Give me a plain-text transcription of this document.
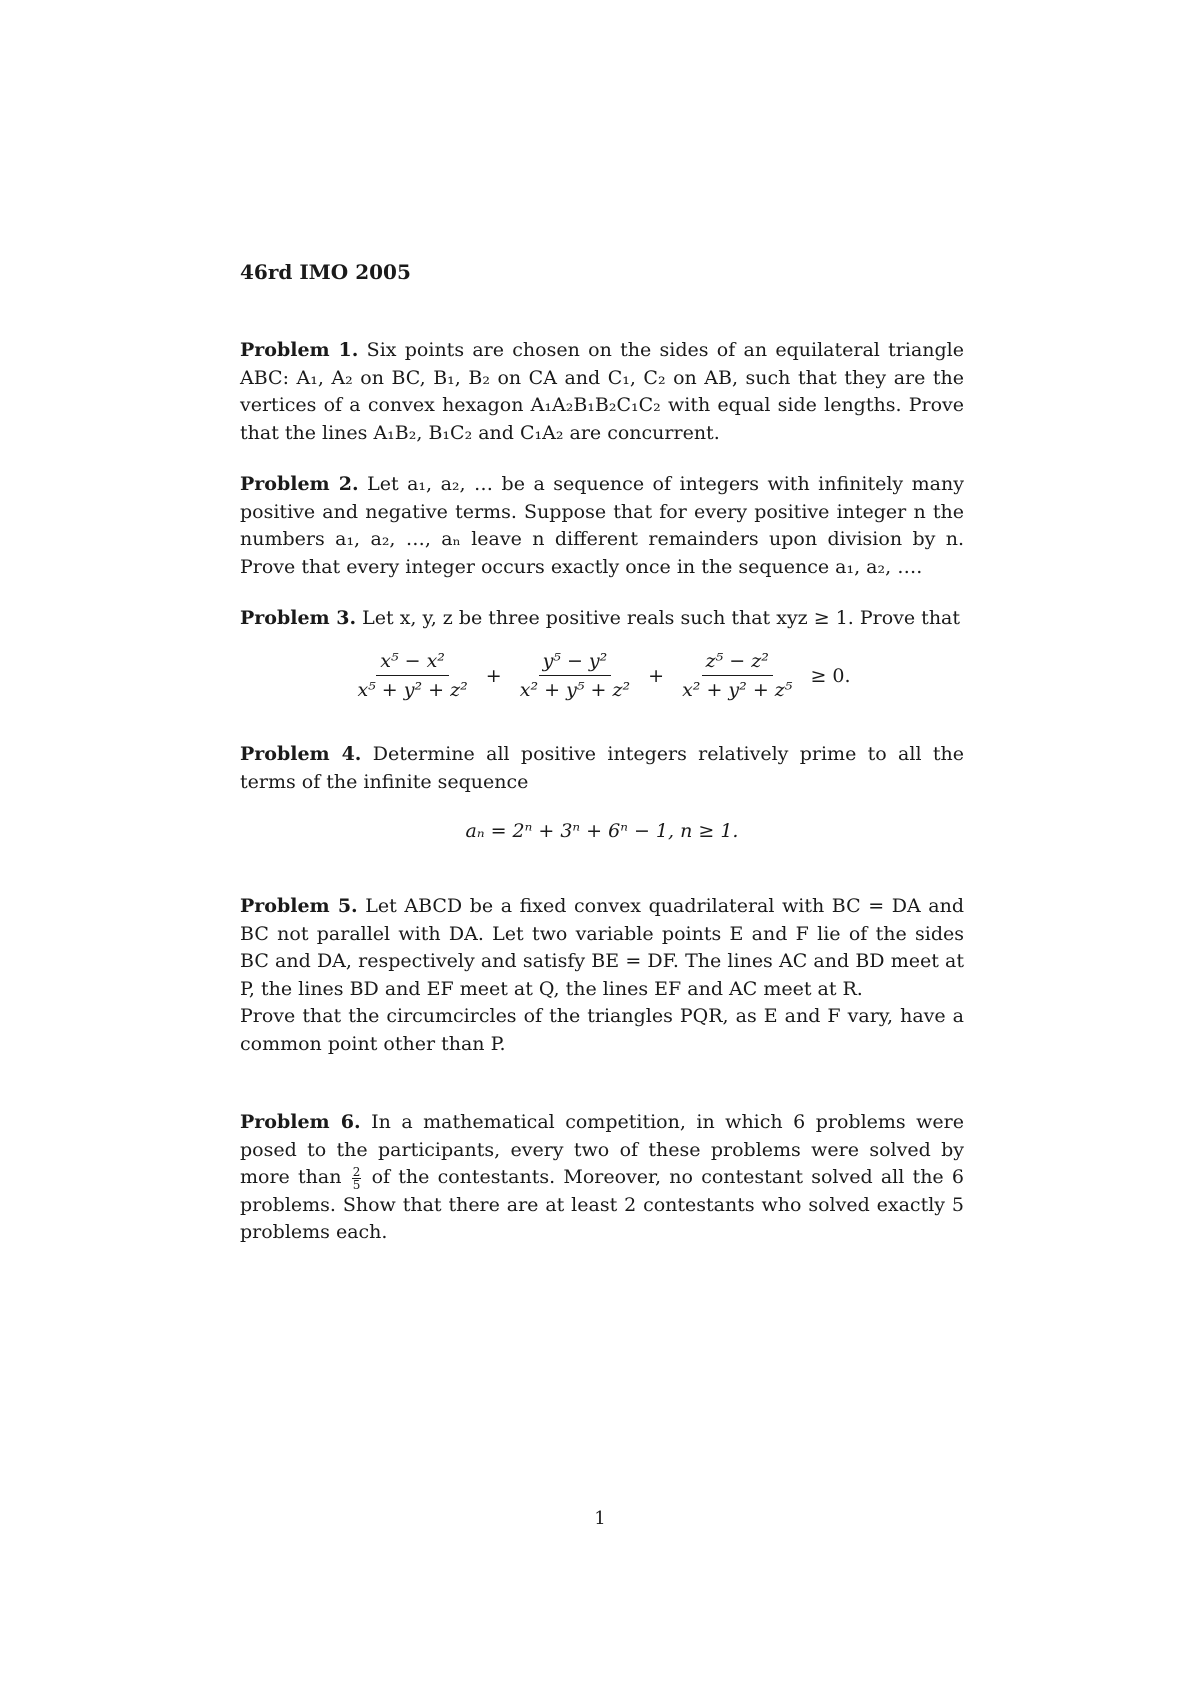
46rd IMO 2005
Problem 1. Six points are chosen on the sides of an equilateral triangle ABC: A₁, A₂ on BC, B₁, B₂ on CA and C₁, C₂ on AB, such that they are the vertices of a convex hexagon A₁A₂B₁B₂C₁C₂ with equal side lengths. Prove that the lines A₁B₂, B₁C₂ and C₁A₂ are concurrent.
Problem 2. Let a₁, a₂, … be a sequence of integers with infinitely many positive and negative terms. Suppose that for every positive integer n the numbers a₁, a₂, …, aₙ leave n different remainders upon division by n. Prove that every integer occurs exactly once in the sequence a₁, a₂, ….
Problem 3. Let x, y, z be three positive reals such that xyz ≥ 1. Prove that
$\frac{\text{x⁵ − x²}}{\text{x⁵ + y² + z²}} + \frac{\text{y⁵ − y²}}{\text{x² + y⁵ + z²}} + \frac{\text{z⁵ − z²}}{\text{x² + y² + z⁵}} \ge 0$.
Problem 4. Determine all positive integers relatively prime to all the terms of the infinite sequence
aₙ = 2ⁿ + 3ⁿ + 6ⁿ − 1, n ≥ 1.
Problem 5. Let ABCD be a fixed convex quadrilateral with BC = DA and BC not parallel with DA. Let two variable points E and F lie of the sides BC and DA, respectively and satisfy BE = DF. The lines AC and BD meet at P, the lines BD and EF meet at Q, the lines EF and AC meet at R.
Prove that the circumcircles of the triangles PQR, as E and F vary, have a common point other than P.
Problem 6. In a mathematical competition, in which 6 problems were posed to the participants, every two of these problems were solved by more than $\frac{2}{5}$ of the contestants. Moreover, no contestant solved all the 6 problems. Show that there are at least 2 contestants who solved exactly 5 problems each.
1
